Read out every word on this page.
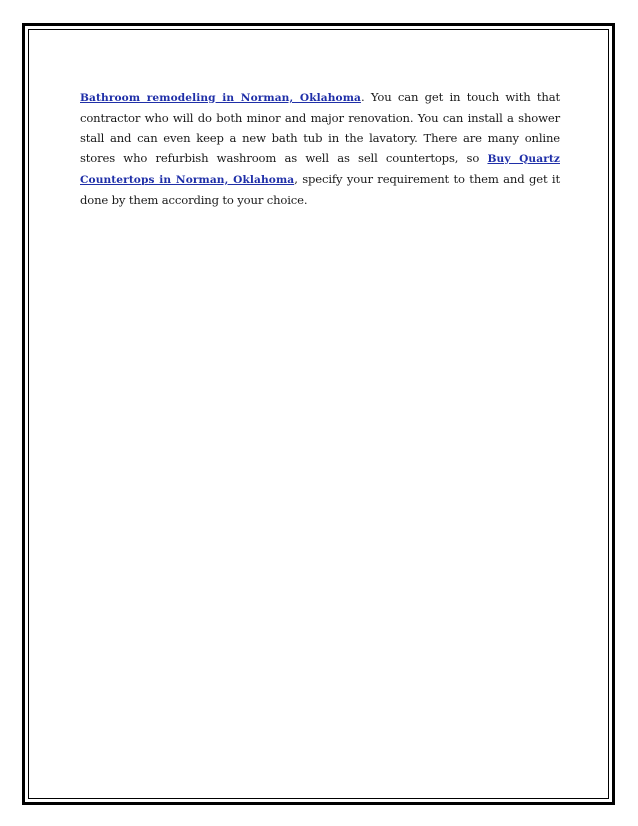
Bathroom remodeling in Norman, Oklahoma. You can get in touch with that contractor who will do both minor and major renovation. You can install a shower stall and can even keep a new bath tub in the lavatory. There are many online stores who refurbish washroom as well as sell countertops, so Buy Quartz Countertops in Norman, Oklahoma, specify your requirement to them and get it done by them according to your choice.
